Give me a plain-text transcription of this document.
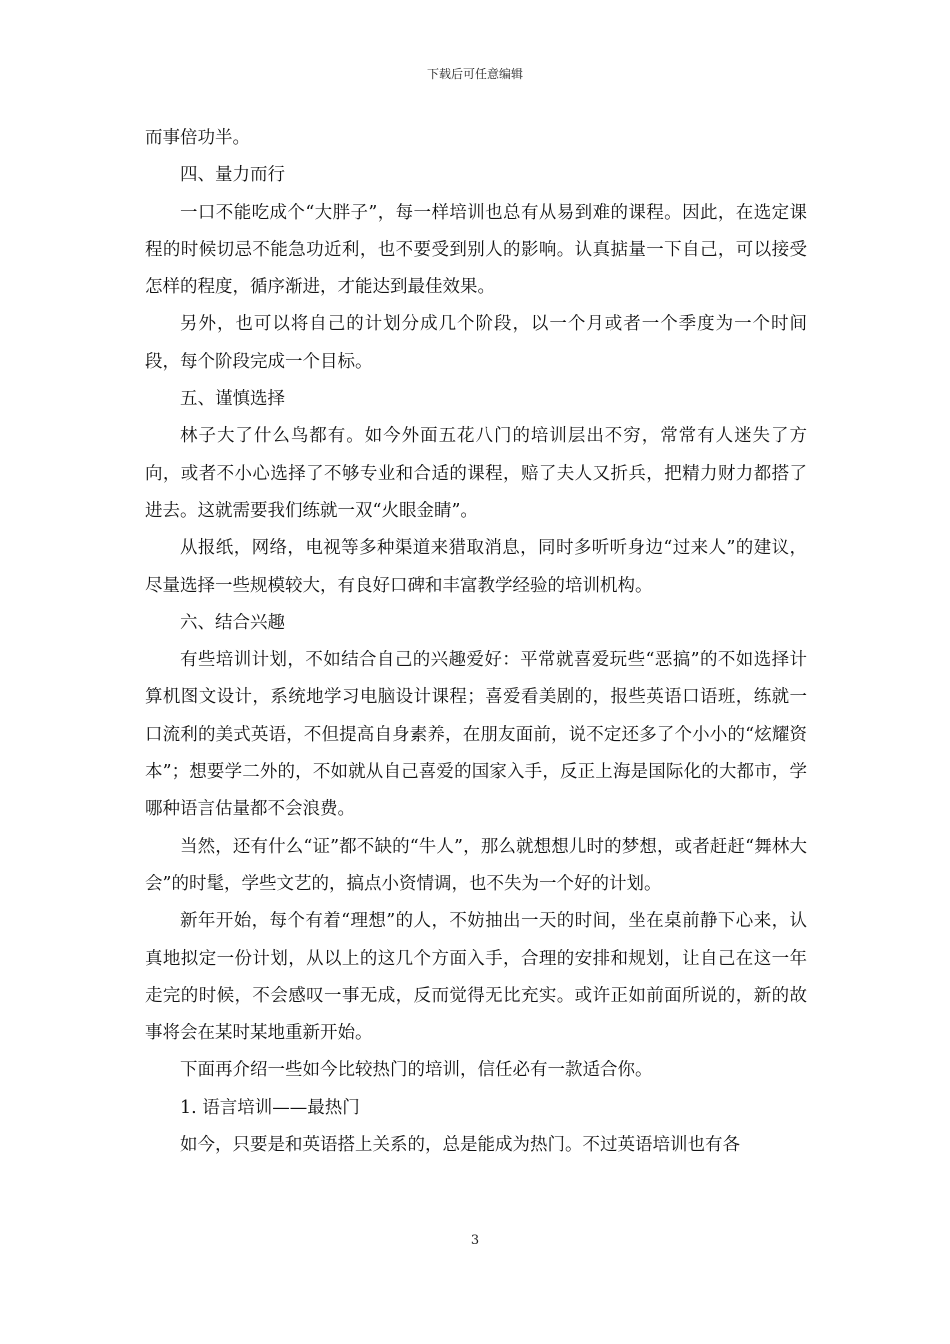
下载后可任意编辑

而事倍功半。

四、量力而行

一口不能吃成个“大胖子”，每一样培训也总有从易到难的课程。因此，在选定课程的时候切忌不能急功近利，也不要受到别人的影响。认真掂量一下自己，可以接受怎样的程度，循序渐进，才能达到最佳效果。

另外，也可以将自己的计划分成几个阶段，以一个月或者一个季度为一个时间段，每个阶段完成一个目标。

五、谨慎选择

林子大了什么鸟都有。如今外面五花八门的培训层出不穷，常常有人迷失了方向，或者不小心选择了不够专业和合适的课程，赔了夫人又折兵，把精力财力都搭了进去。这就需要我们练就一双“火眼金睛”。

从报纸，网络，电视等多种渠道来猎取消息，同时多听听身边“过来人”的建议，尽量选择一些规模较大，有良好口碑和丰富教学经验的培训机构。

六、结合兴趣

有些培训计划，不如结合自己的兴趣爱好：平常就喜爱玩些“恶搞”的不如选择计算机图文设计，系统地学习电脑设计课程；喜爱看美剧的，报些英语口语班，练就一口流利的美式英语，不但提高自身素养，在朋友面前，说不定还多了个小小的“炫耀资本”；想要学二外的，不如就从自己喜爱的国家入手，反正上海是国际化的大都市，学哪种语言估量都不会浪费。

当然，还有什么“证”都不缺的“牛人”，那么就想想儿时的梦想，或者赶赶“舞林大会”的时髦，学些文艺的，搞点小资情调，也不失为一个好的计划。

新年开始，每个有着“理想”的人，不妨抽出一天的时间，坐在桌前静下心来，认真地拟定一份计划，从以上的这几个方面入手，合理的安排和规划，让自己在这一年走完的时候，不会感叹一事无成，反而觉得无比充实。或许正如前面所说的，新的故事将会在某时某地重新开始。

下面再介绍一些如今比较热门的培训，信任必有一款适合你。

1. 语言培训——最热门

如今，只要是和英语搭上关系的，总是能成为热门。不过英语培训也有各

3
